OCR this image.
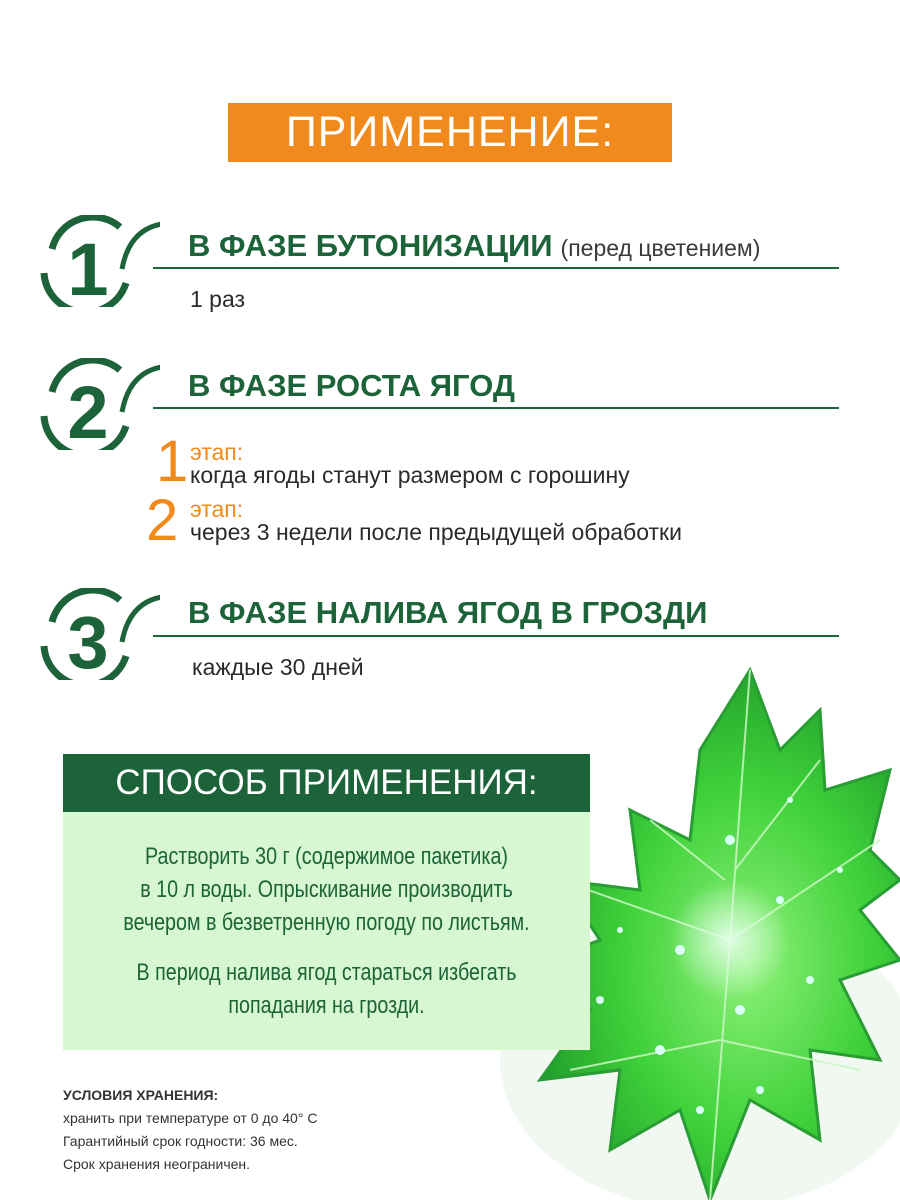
ПРИМЕНЕНИЕ:
1	В ФАЗЕ БУТОНИЗАЦИИ (перед цветением)
1 раз
2	В ФАЗЕ РОСТА ЯГОД
1 этап:
когда ягоды станут размером с горошину
2 этап:
через 3 недели после предыдущей обработки
3	В ФАЗЕ НАЛИВА ЯГОД В ГРОЗДИ
каждые 30 дней
СПОСОБ ПРИМЕНЕНИЯ:
Растворить 30 г (содержимое пакетика)
в 10 л воды. Опрыскивание производить
вечером в безветренную погоду по листьям.
В период налива ягод стараться избегать
попадания на грозди.
УСЛОВИЯ ХРАНЕНИЯ:
хранить при температуре от 0 до 40° С
Гарантийный срок годности: 36 мес.
Срок хранения неограничен.
